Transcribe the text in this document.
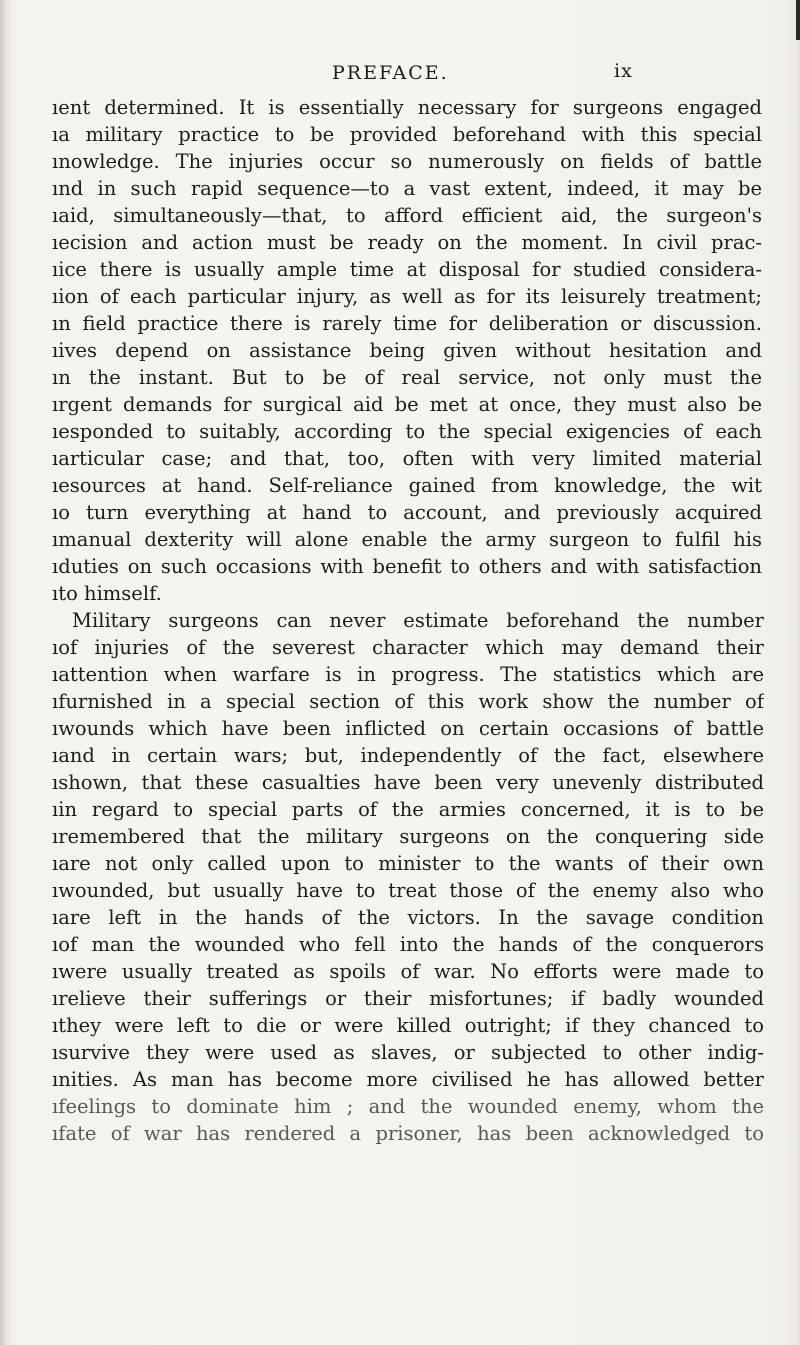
PREFACE.	ix
ıent determined. It is essentially necessary for surgeons engaged
ıa military practice to be provided beforehand with this special
ınowledge. The injuries occur so numerously on fields of battle
ınd in such rapid sequence—to a vast extent, indeed, it may be
ıaid, simultaneously—that, to afford efficient aid, the surgeon's
ıecision and action must be ready on the moment. In civil prac-
ıice there is usually ample time at disposal for studied considera-
ıion of each particular injury, as well as for its leisurely treatment;
ın field practice there is rarely time for deliberation or discussion.
ıives depend on assistance being given without hesitation and
ın the instant. But to be of real service, not only must the
ırgent demands for surgical aid be met at once, they must also be
ıesponded to suitably, according to the special exigencies of each
ıarticular case; and that, too, often with very limited material
ıesources at hand. Self-reliance gained from knowledge, the wit
ıo turn everything at hand to account, and previously acquired
ımanual dexterity will alone enable the army surgeon to fulfil his
ıduties on such occasions with benefit to others and with satisfaction
ıto himself.
Military surgeons can never estimate beforehand the number
ıof injuries of the severest character which may demand their
ıattention when warfare is in progress. The statistics which are
ıfurnished in a special section of this work show the number of
ıwounds which have been inflicted on certain occasions of battle
ıand in certain wars; but, independently of the fact, elsewhere
ıshown, that these casualties have been very unevenly distributed
ıin regard to special parts of the armies concerned, it is to be
ıremembered that the military surgeons on the conquering side
ıare not only called upon to minister to the wants of their own
ıwounded, but usually have to treat those of the enemy also who
ıare left in the hands of the victors. In the savage condition
ıof man the wounded who fell into the hands of the conquerors
ıwere usually treated as spoils of war. No efforts were made to
ırelieve their sufferings or their misfortunes; if badly wounded
ıthey were left to die or were killed outright; if they chanced to
ısurvive they were used as slaves, or subjected to other indig-
ınities. As man has become more civilised he has allowed better
ıfeelings to dominate him ; and the wounded enemy, whom the
ıfate of war has rendered a prisoner, has been acknowledged to
